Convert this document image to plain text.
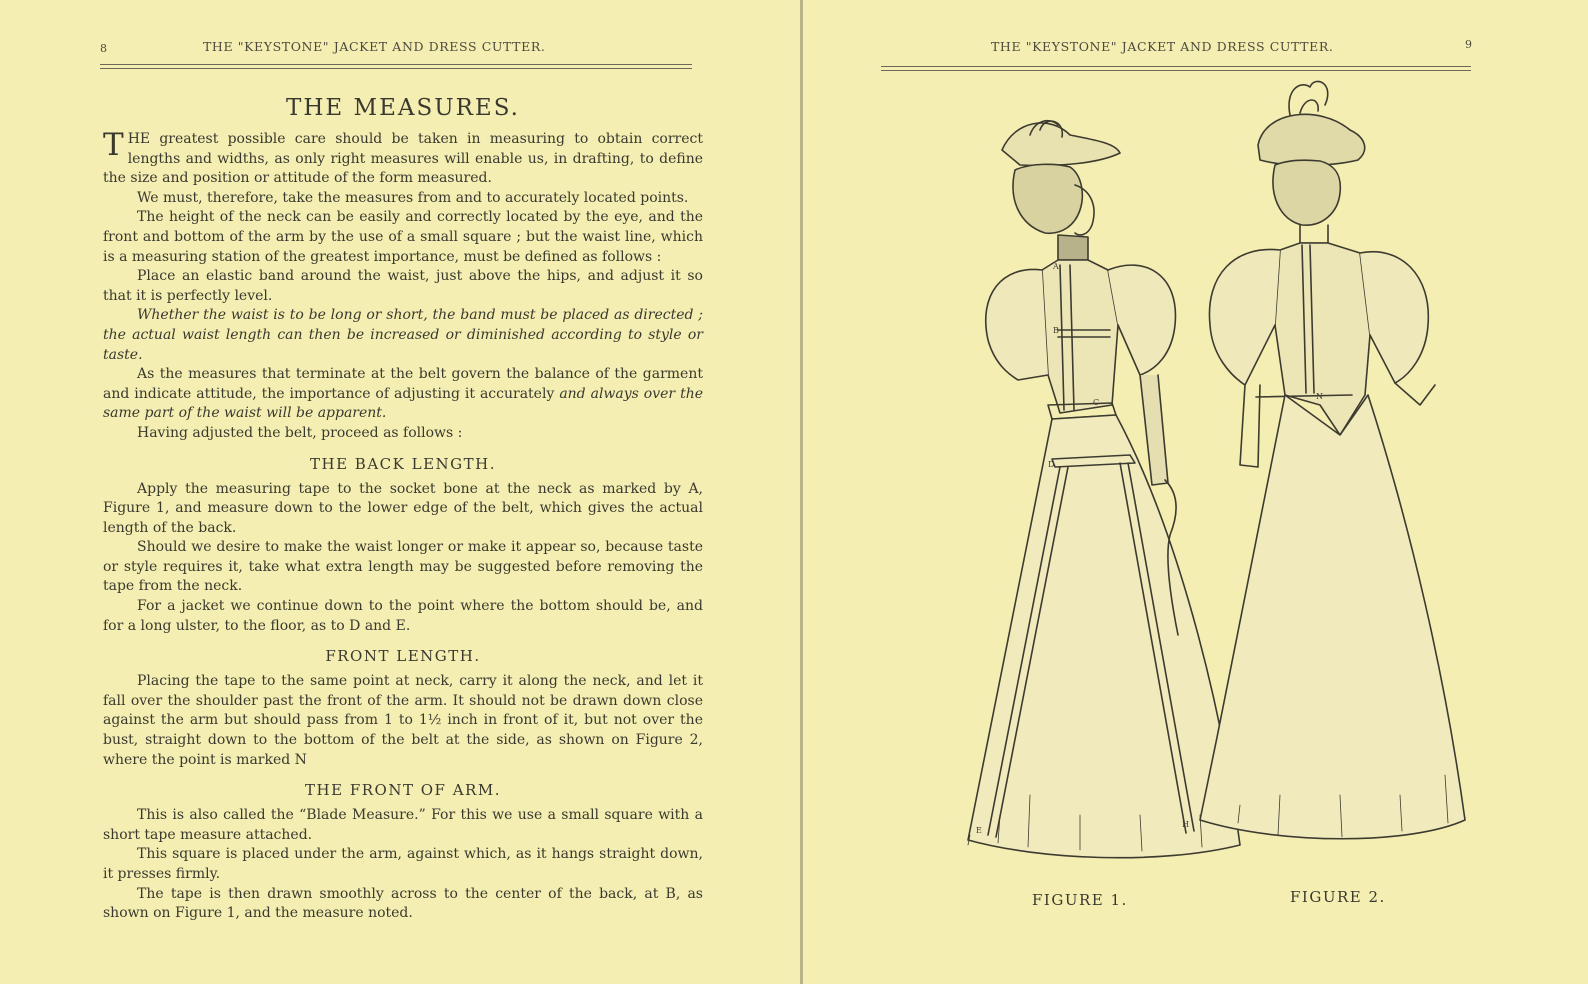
8	THE "KEYSTONE" JACKET AND DRESS CUTTER.
THE MEASURES.

THE greatest possible care should be taken in measuring to obtain correct lengths and widths, as only right measures will enable us, in drafting, to define the size and position or attitude of the form measured.

We must, therefore, take the measures from and to accurately located points.

The height of the neck can be easily and correctly located by the eye, and the front and bottom of the arm by the use of a small square ; but the waist line, which is a measuring station of the greatest importance, must be defined as follows :

Place an elastic band around the waist, just above the hips, and adjust it so that it is perfectly level.

Whether the waist is to be long or short, the band must be placed as directed ; the actual waist length can then be increased or diminished according to style or taste.

As the measures that terminate at the belt govern the balance of the garment and indicate attitude, the importance of adjusting it accurately and always over the same part of the waist will be apparent.

Having adjusted the belt, proceed as follows :

THE BACK LENGTH.

Apply the measuring tape to the socket bone at the neck as marked by A, Figure 1, and measure down to the lower edge of the belt, which gives the actual length of the back.

Should we desire to make the waist longer or make it appear so, because taste or style requires it, take what extra length may be suggested before removing the tape from the neck.

For a jacket we continue down to the point where the bottom should be, and for a long ulster, to the floor, as to D and E.

FRONT LENGTH.

Placing the tape to the same point at neck, carry it along the neck, and let it fall over the shoulder past the front of the arm. It should not be drawn down close against the arm but should pass from 1 to 1½ inch in front of it, but not over the bust, straight down to the bottom of the belt at the side, as shown on Figure 2, where the point is marked N

THE FRONT OF ARM.

This is also called the “Blade Measure.” For this we use a small square with a short tape measure attached.

This square is placed under the arm, against which, as it hangs straight down, it presses firmly.

The tape is then drawn smoothly across to the center of the back, at B, as shown on Figure 1, and the measure noted.

THE "KEYSTONE" JACKET AND DRESS CUTTER.	9
A
B
C
D
E
H
N
FIGURE 1.	FIGURE 2.
